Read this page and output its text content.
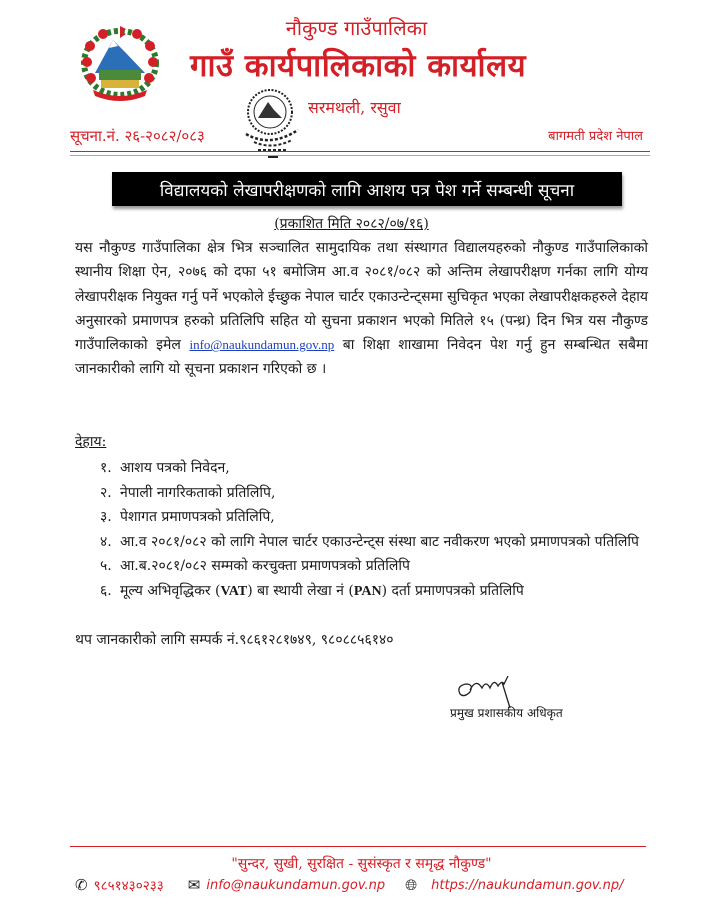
नौकुण्ड गाउँपालिका
गाउँ कार्यपालिकाको कार्यालय
सरमथली, रसुवा
सूचना.नं. २६-२०८२/०८३	बागमती प्रदेश नेपाल
विद्यालयको लेखापरीक्षणको लागि आशय पत्र पेश गर्ने सम्बन्धी सूचना
(प्रकाशित मिति २०८२/०७/१६)
यस नौकुण्ड गाउँपालिका क्षेत्र भित्र सञ्चालित सामुदायिक तथा संस्थागत विद्यालयहरुको नौकुण्ड गाउँपालिकाको स्थानीय शिक्षा ऐन, २०७६ को दफा ५१ बमोजिम आ.व २०८१/०८२ को अन्तिम लेखापरीक्षण गर्नका लागि योग्य लेखापरीक्षक नियुक्त गर्नु पर्ने भएकोले ईच्छुक नेपाल चार्टर एकाउन्टेन्ट्समा सुचिकृत भएका लेखापरीक्षकहरुले देहाय अनुसारको प्रमाणपत्र हरुको प्रतिलिपि सहित यो सुचना प्रकाशन भएको मितिले १५ (पन्ध्र) दिन भित्र यस नौकुण्ड गाउँपालिकाको इमेल info@naukundamun.gov.np बा शिक्षा शाखामा निवेदन पेश गर्नु हुन सम्बन्धित सबैमा जानकारीको लागि यो सूचना प्रकाशन गरिएको छ ।
देहाय:
१. आशय पत्रको निवेदन,
२. नेपाली नागरिकताको प्रतिलिपि,
३. पेशागत प्रमाणपत्रको प्रतिलिपि,
४. आ.व २०८१/०८२ को लागि नेपाल चार्टर एकाउन्टेन्ट्स संस्था बाट नवीकरण भएको प्रमाणपत्रको पतिलिपि
५. आ.ब.२०८१/०८२ सम्मको करचुक्ता प्रमाणपत्रको प्रतिलिपि
६. मूल्य अभिवृद्धिकर (VAT) बा स्थायी लेखा नं (PAN) दर्ता प्रमाणपत्रको प्रतिलिपि
थप जानकारीको लागि सम्पर्क नं.९८६१२८१७४९, ९८०८८५६१४०
प्रमुख प्रशासकीय अधिकृत
"सुन्दर, सुखी, सुरक्षित - सुसंस्कृत र समृद्ध नौकुण्ड"
✆ ९८५१४३०२३३ ✉ info@naukundamun.gov.np 🌐︎ https://naukundamun.gov.np/
